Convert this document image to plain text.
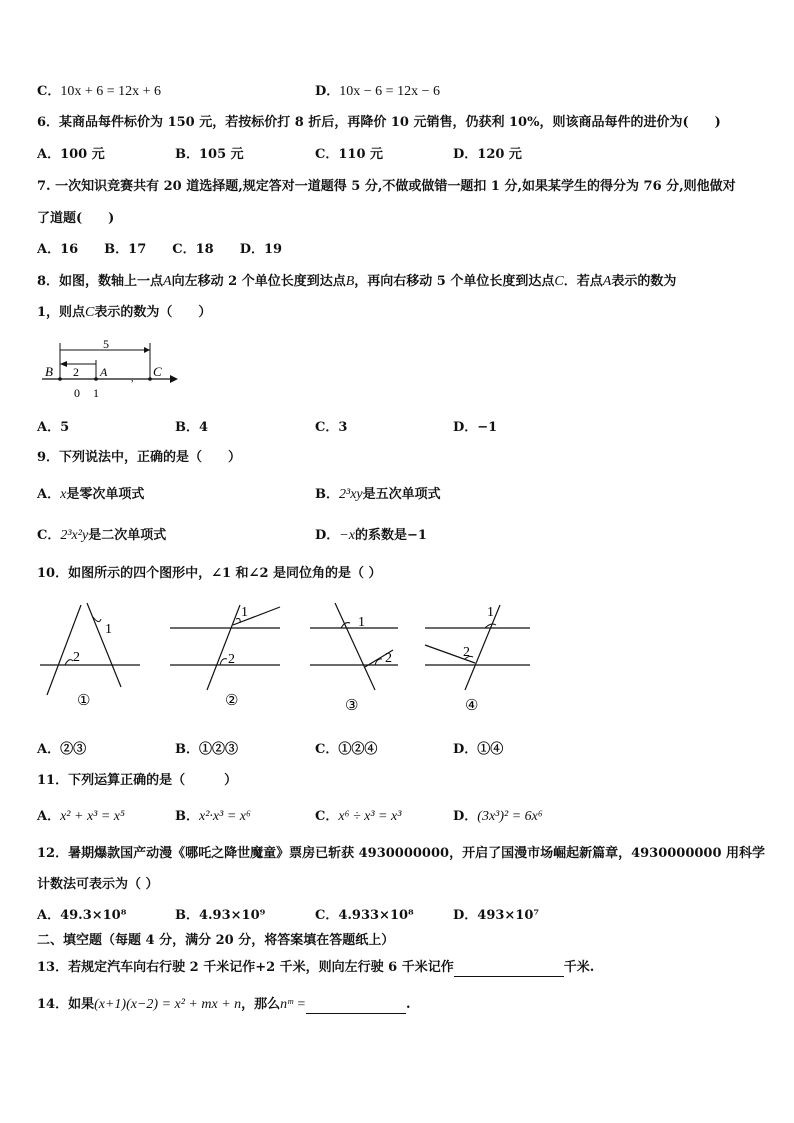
C．10x + 6 = 12x + 6	D．10x − 6 = 12x − 6
6．某商品每件标价为 150 元，若按标价打 8 折后，再降价 10 元销售，仍获利 10%，则该商品每件的进价为(　　)
A．100 元	B．105 元	C．110 元	D．120 元
7. 一次知识竞赛共有 20 道选择题,规定答对一道题得 5 分,不做或做错一题扣 1 分,如果某学生的得分为 76 分,则他做对
了道题(　　)
A．16　　B．17　　C．18　　D．19
8．如图，数轴上一点A向左移动 2 个单位长度到达点B，再向右移动 5 个单位长度到达点C．若点A表示的数为
1，则点C表示的数为（　　）
5
2
B	A	C
,
0 1
A．5	B．4	C．3	D．−1
9．下列说法中，正确的是（　　）
A．x是零次单项式	B．2³xy是五次单项式
C．2³x²y是二次单项式	D．−x的系数是−1
10．如图所示的四个图形中，∠1 和∠2 是同位角的是（ ）
1
2
①
1
2
②
1
2
③
1
2
④
A．②③	B．①②③	C．①②④	D．①④
11．下列运算正确的是（　　　）
A．x² + x³ = x⁵	B．x²·x³ = x⁶	C．x⁶ ÷ x³ = x³	D．(3x³)² = 6x⁶
12．暑期爆款国产动漫《哪吒之降世魔童》票房已斩获 4930000000，开启了国漫市场崛起新篇章，4930000000 用科学
计数法可表示为（ ）
A．49.3×10⁸	B．4.93×10⁹	C．4.933×10⁸	D．493×10⁷
二、填空题（每题 4 分，满分 20 分，将答案填在答题纸上）
13．若规定汽车向右行驶 2 千米记作+2 千米，则向左行驶 6 千米记作	千米.
14．如果(x+1)(x−2) = x² + mx + n，那么nᵐ =	.
